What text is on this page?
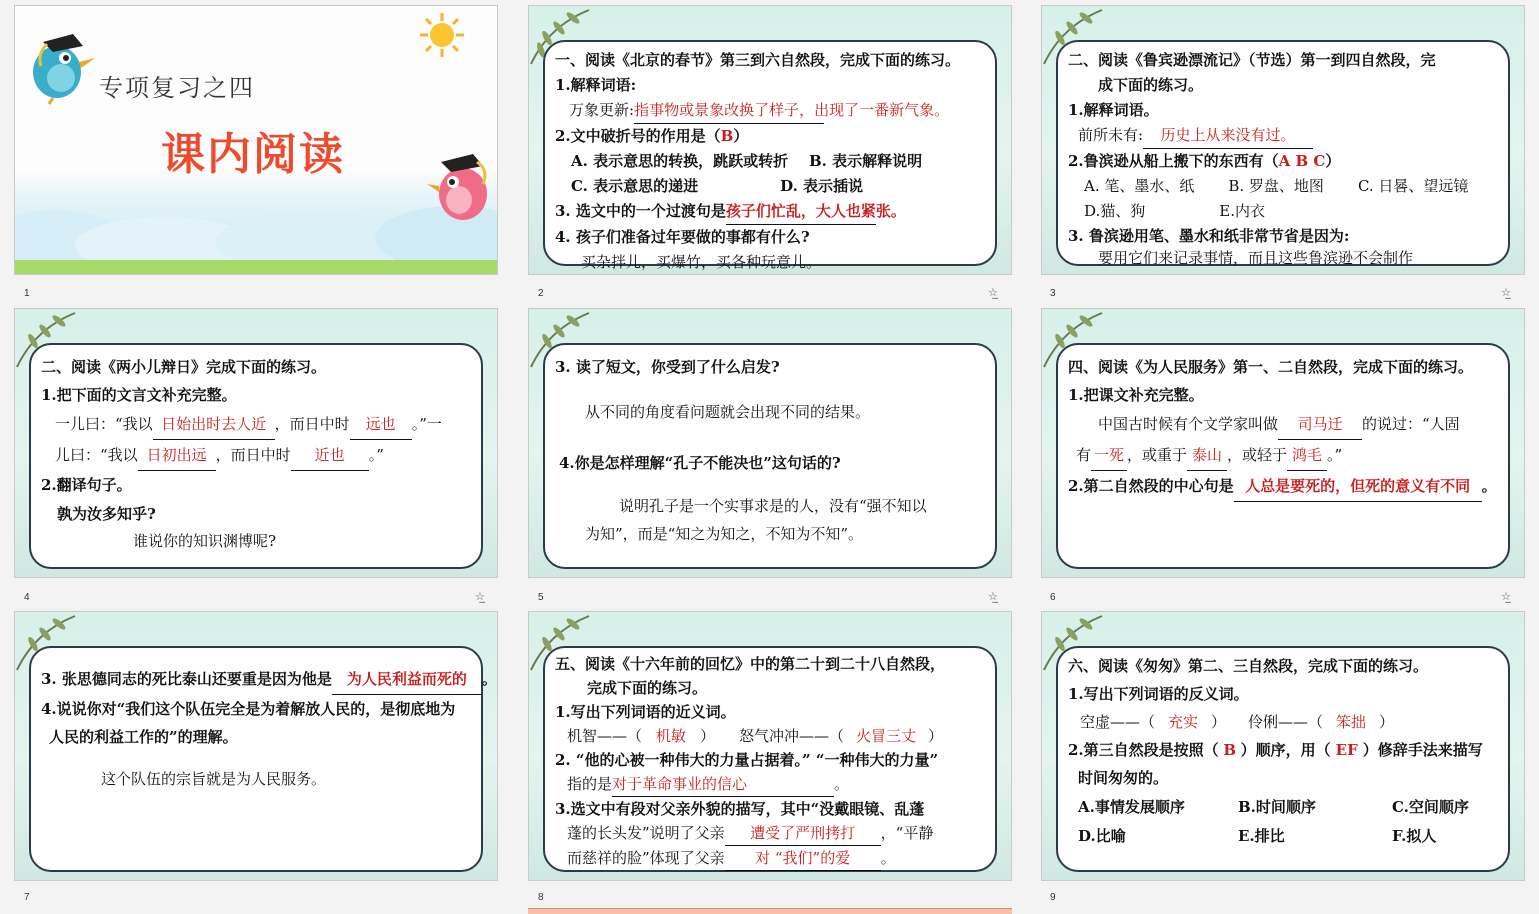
专项复习之四
课内阅读
1

一、阅读《北京的春节》第三到六自然段，完成下面的练习。

1.解释词语:

万象更新:指事物或景象改换了样子，出现了一番新气象。

2.文中破折号的作用是（B）

A. 表示意思的转换，跳跃或转折 B. 表示解释说明

C. 表示意思的递进	D. 表示插说

3. 选文中的一个过渡句是孩子们忙乱，大人也紧张。

4. 孩子们准备过年要做的事都有什么?

买杂拌儿，买爆竹，买各种玩意儿。

2	☆̲

二、阅读《鲁宾逊漂流记》（节选）第一到四自然段，完

成下面的练习。

1.解释词语。

前所未有: 历史上从来没有过。

2.鲁滨逊从船上搬下的东西有（A B C）

A. 笔、墨水、纸 B. 罗盘、地图 C. 日晷、望远镜

D.猫、狗	E.内衣

3. 鲁滨逊用笔、墨水和纸非常节省是因为:

要用它们来记录事情，而且这些鲁滨逊不会制作

3	☆̲

二、阅读《两小儿辩日》完成下面的练习。

1.把下面的文言文补充完整。

一儿曰：“我以 日始出时去人近 ，而日中时 远也 。”一

儿曰：“我以 日初出远 ，而日中时 近也 。”

2.翻译句子。

孰为汝多知乎?

谁说你的知识渊博呢?

4	☆̲

3. 读了短文，你受到了什么启发?

从不同的角度看问题就会出现不同的结果。

4.你是怎样理解“孔子不能决也”这句话的?

说明孔子是一个实事求是的人，没有“强不知以

为知”，而是“知之为知之，不知为不知”。

5	☆̲

四、阅读《为人民服务》第一、二自然段，完成下面的练习。

1.把课文补充完整。

中国古时候有个文学家叫做 司马迁 的说过：“人固

有 一死 ，或重于 泰山 ，或轻于 鸿毛 。”

2.第二自然段的中心句是 人总是要死的，但死的意义有不同 。

6	☆̲

3. 张思德同志的死比泰山还要重是因为他是 为人民利益而死的 。

4.说说你对“我们这个队伍完全是为着解放人民的，是彻底地为

人民的利益工作的”的理解。

这个队伍的宗旨就是为人民服务。

7

五、阅读《十六年前的回忆》中的第二十到二十八自然段，

完成下面的练习。

1.写出下列词语的近义词。

机智——（ 机敏 ） 怒气冲冲——（ 火冒三丈 ）

2. “他的心被一种伟大的力量占据着。” “一种伟大的力量”

指的是对于革命事业的信心	。

3.选文中有段对父亲外貌的描写，其中“没戴眼镜、乱蓬

蓬的长头发”说明了父亲 遭受了严刑拷打 ，“平静

而慈祥的脸”体现了父亲 对 “我们”的爱 。

8

六、阅读《匆匆》第二、三自然段，完成下面的练习。

1.写出下列词语的反义词。

空虚——（ 充实 ） 伶俐——（ 笨拙 ）

2.第三自然段是按照（ B ）顺序，用（ EF ）修辞手法来描写

时间匆匆的。

A.事情发展顺序	B.时间顺序	C.空间顺序

D.比喻	E.排比	F.拟人

9
